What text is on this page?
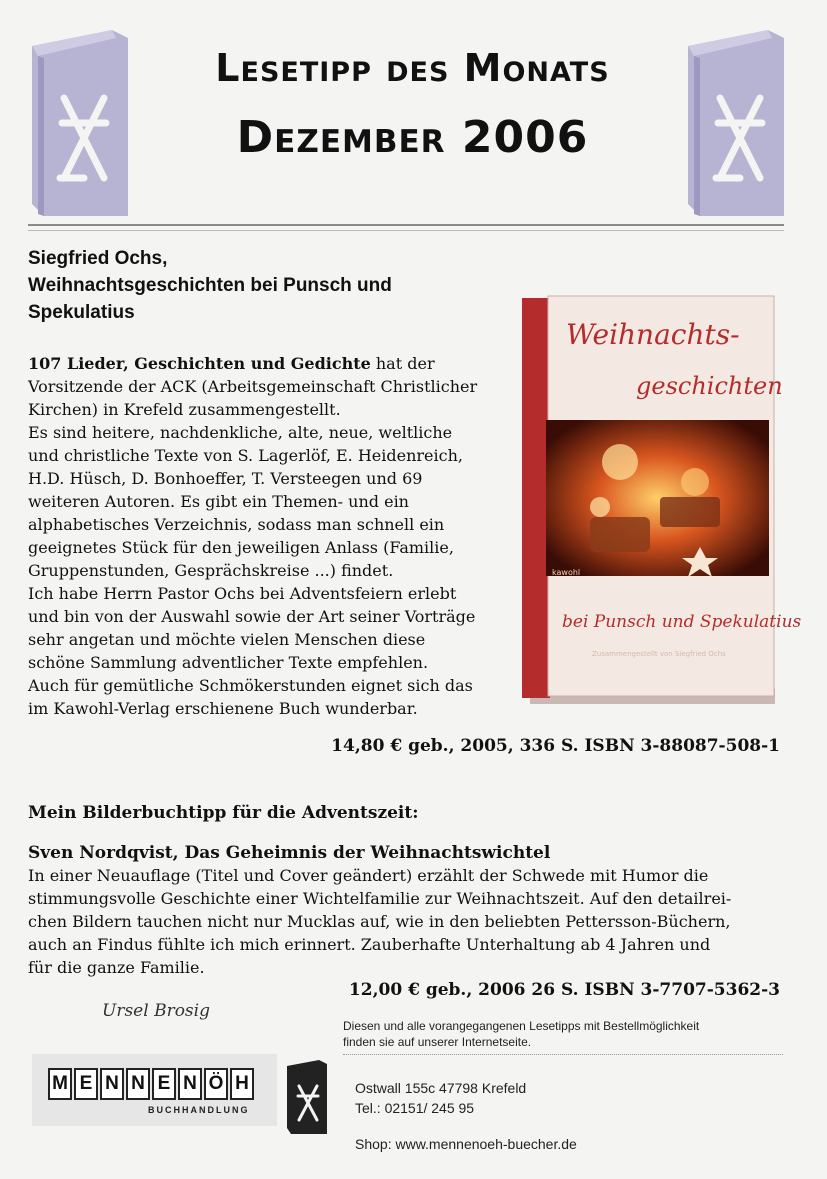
Lesetipp des Monats
Dezember 2006
Siegfried Ochs,
Weihnachtsgeschichten bei Punsch und
Spekulatius
107 Lieder, Geschichten und Gedichte hat der
Vorsitzende der ACK (Arbeitsgemeinschaft Christlicher
Kirchen) in Krefeld zusammengestellt.
Es sind heitere, nachdenkliche, alte, neue, weltliche
und christliche Texte von S. Lagerlöf, E. Heidenreich,
H.D. Hüsch, D. Bonhoeffer, T. Versteegen und 69
weiteren Autoren. Es gibt ein Themen- und ein
alphabetisches Verzeichnis, sodass man schnell ein
geeignetes Stück für den jeweiligen Anlass (Familie,
Gruppenstunden, Gesprächskreise ...) findet.
Ich habe Herrn Pastor Ochs bei Adventsfeiern erlebt
und bin von der Auswahl sowie der Art seiner Vorträge
sehr angetan und möchte vielen Menschen diese
schöne Sammlung adventlicher Texte empfehlen.
Auch für gemütliche Schmökerstunden eignet sich das
im Kawohl-Verlag erschienene Buch wunderbar.
Weihnachts-
geschichten
kawohl
bei Punsch und Spekulatius
Zusammengestellt von Siegfried Ochs
14,80 € geb., 2005, 336 S. ISBN 3-88087-508-1
Mein Bilderbuchtipp für die Adventszeit:
Sven Nordqvist, Das Geheimnis der Weihnachtswichtel
In einer Neuauflage (Titel und Cover geändert) erzählt der Schwede mit Humor die
stimmungsvolle Geschichte einer Wichtelfamilie zur Weihnachtszeit. Auf den detailrei-
chen Bildern tauchen nicht nur Mucklas auf, wie in den beliebten Pettersson-Büchern,
auch an Findus fühlte ich mich erinnert. Zauberhafte Unterhaltung ab 4 Jahren und
für die ganze Familie.
12,00 € geb., 2006 26 S. ISBN 3-7707-5362-3
Ursel Brosig
Diesen und alle vorangegangenen Lesetipps mit Bestellmöglichkeit
finden sie auf unserer Internetseite.
M E N N E N Ö H
BUCHHANDLUNG
Ostwall 155c 47798 Krefeld
Tel.: 02151/ 245 95
Shop: www.mennenoeh-buecher.de
